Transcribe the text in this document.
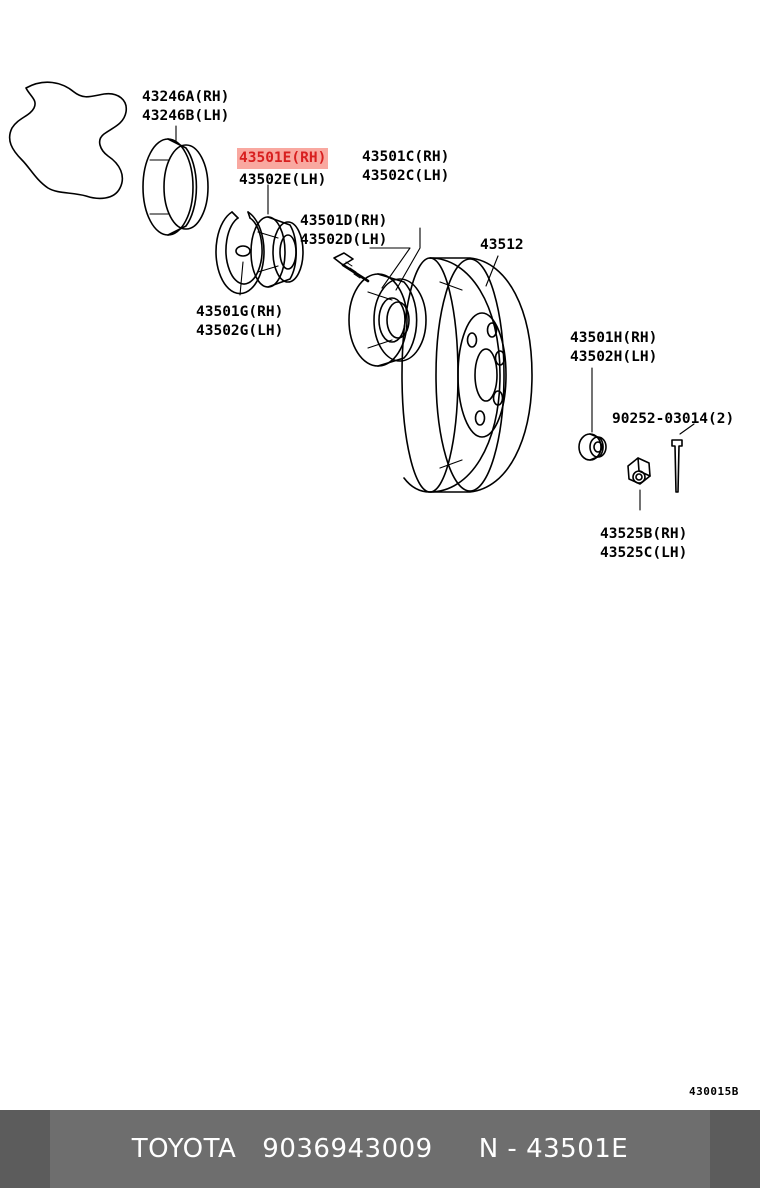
43246A(RH)
43246B(LH)
43501E(RH)
43502E(LH)
43501C(RH)
43502C(LH)
43501D(RH)
43502D(LH)
43501G(RH)
43502G(LH)
43512
43501H(RH)
43502H(LH)
90252-03014(2)
43525B(RH)
43525C(LH)
430015B
TOYOTA 9036943009 N - 43501E
